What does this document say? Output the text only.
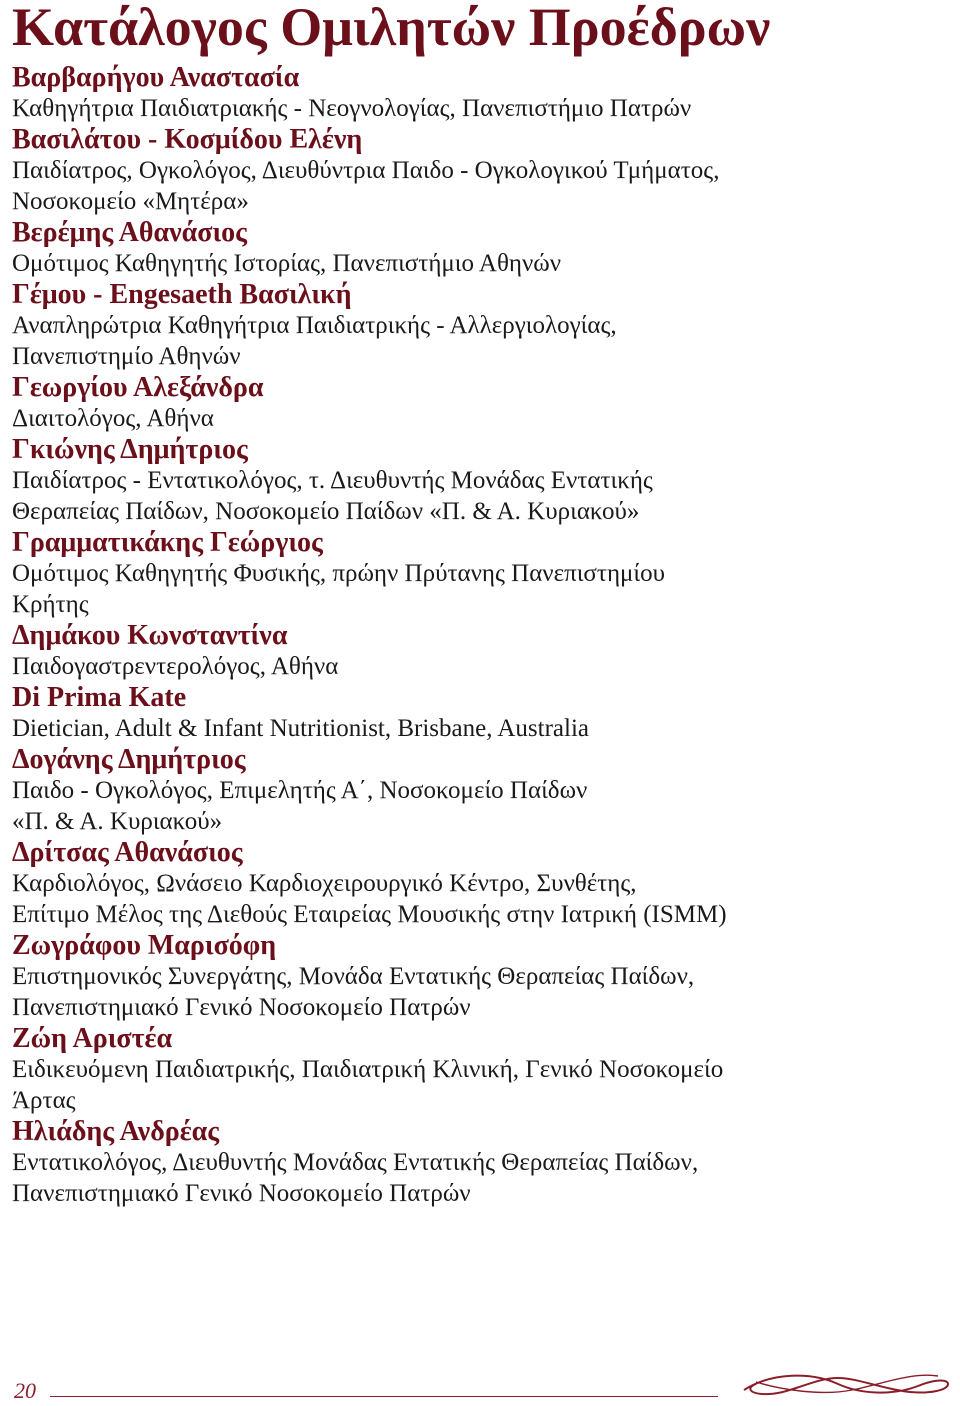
Κατάλογος Ομιλητών Προέδρων
Βαρβαρήγου Αναστασία
Καθηγήτρια Παιδιατριακής - Νεογνολογίας, Πανεπιστήμιο Πατρών
Βασιλάτου - Κοσμίδου Ελένη
Παιδίατρος, Ογκολόγος, Διευθύντρια Παιδο - Ογκολογικού Τμήματος,
Νοσοκομείο «Μητέρα»
Βερέμης Αθανάσιος
Ομότιμος Καθηγητής Ιστορίας, Πανεπιστήμιο Αθηνών
Γέμου - Engesaeth Βασιλική
Αναπληρώτρια Καθηγήτρια Παιδιατρικής - Αλλεργιολογίας,
Πανεπιστημίο Αθηνών
Γεωργίου Αλεξάνδρα
Διαιτολόγος, Αθήνα
Γκιώνης Δημήτριος
Παιδίατρος - Εντατικολόγος, τ. Διευθυντής Μονάδας Εντατικής
Θεραπείας Παίδων, Νοσοκομείο Παίδων «Π. & Α. Κυριακού»
Γραμματικάκης Γεώργιος
Ομότιμος Καθηγητής Φυσικής, πρώην Πρύτανης Πανεπιστημίου
Κρήτης
Δημάκου Κωνσταντίνα
Παιδογαστρεντερολόγος, Αθήνα
Di Prima Kate
Dietician, Adult & Infant Nutritionist, Brisbane, Australia
Δογάνης Δημήτριος
Παιδο - Ογκολόγος, Επιμελητής Α΄, Νοσοκομείο Παίδων
«Π. & Α. Κυριακού»
Δρίτσας Αθανάσιος
Καρδιολόγος, Ωνάσειο Καρδιοχειρουργικό Κέντρο, Συνθέτης,
Επίτιμο Μέλος της Διεθούς Εταιρείας Μουσικής στην Ιατρική (ISMM)
Ζωγράφου Μαρισόφη
Επιστημονικός Συνεργάτης, Μονάδα Εντατικής Θεραπείας Παίδων,
Πανεπιστημιακό Γενικό Νοσοκομείο Πατρών
Ζώη Αριστέα
Ειδικευόμενη Παιδιατρικής, Παιδιατρική Κλινική, Γενικό Νοσοκομείο
Άρτας
Ηλιάδης Ανδρέας
Εντατικολόγος, Διευθυντής Μονάδας Εντατικής Θεραπείας Παίδων,
Πανεπιστημιακό Γενικό Νοσοκομείο Πατρών
20
